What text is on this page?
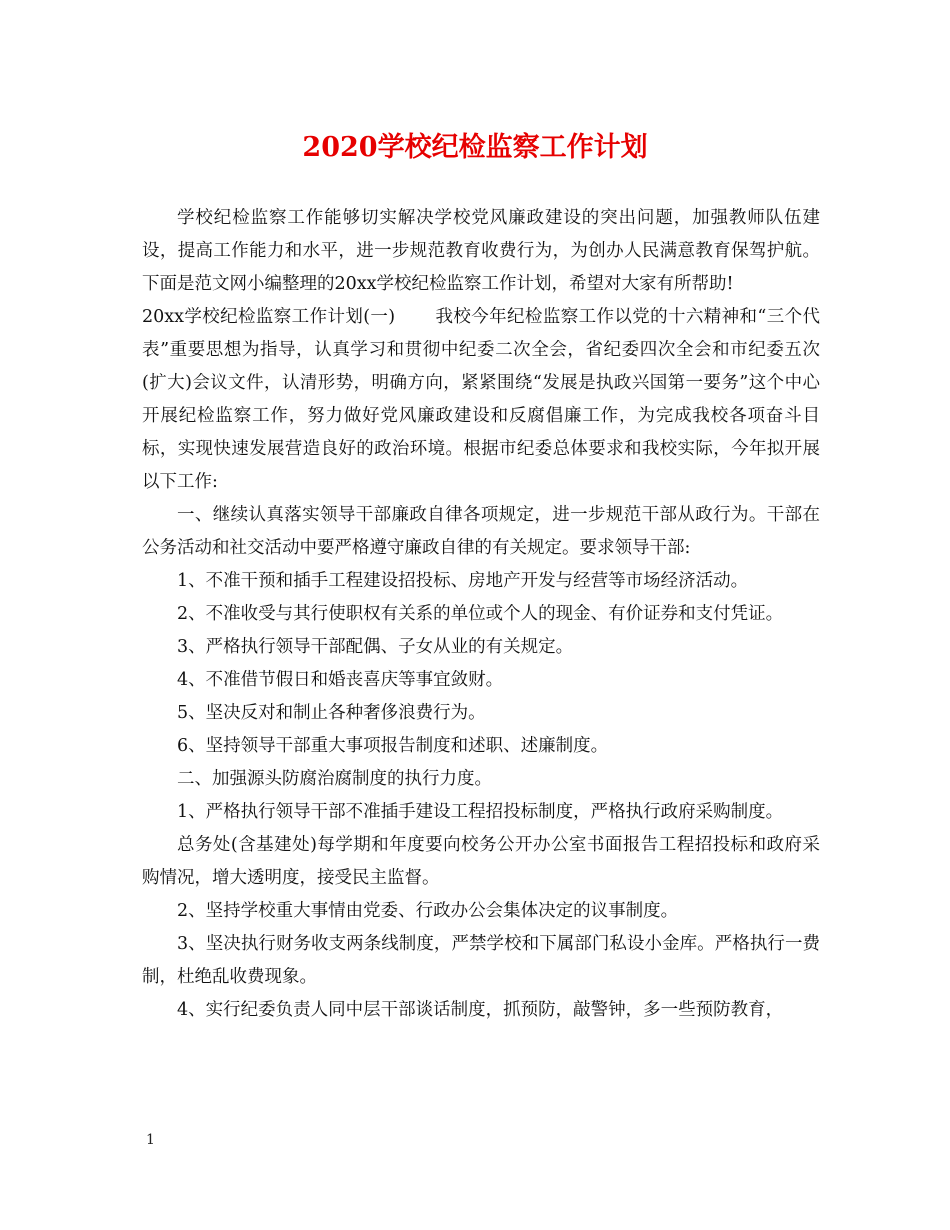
2020学校纪检监察工作计划

学校纪检监察工作能够切实解决学校党风廉政建设的突出问题，加强教师队伍建设，提高工作能力和水平，进一步规范教育收费行为，为创办人民满意教育保驾护航。下面是范文网小编整理的20xx学校纪检监察工作计划，希望对大家有所帮助!

20xx学校纪检监察工作计划(一) 我校今年纪检监察工作以党的十六精神和“三个代表”重要思想为指导，认真学习和贯彻中纪委二次全会，省纪委四次全会和市纪委五次(扩大)会议文件，认清形势，明确方向，紧紧围绕“发展是执政兴国第一要务”这个中心开展纪检监察工作，努力做好党风廉政建设和反腐倡廉工作，为完成我校各项奋斗目标，实现快速发展营造良好的政治环境。根据市纪委总体要求和我校实际，今年拟开展以下工作:

一、继续认真落实领导干部廉政自律各项规定，进一步规范干部从政行为。干部在公务活动和社交活动中要严格遵守廉政自律的有关规定。要求领导干部:

1、不准干预和插手工程建设招投标、房地产开发与经营等市场经济活动。

2、不准收受与其行使职权有关系的单位或个人的现金、有价证券和支付凭证。

3、严格执行领导干部配偶、子女从业的有关规定。

4、不准借节假日和婚丧喜庆等事宜敛财。

5、坚决反对和制止各种奢侈浪费行为。

6、坚持领导干部重大事项报告制度和述职、述廉制度。

二、加强源头防腐治腐制度的执行力度。

1、严格执行领导干部不准插手建设工程招投标制度，严格执行政府采购制度。

总务处(含基建处)每学期和年度要向校务公开办公室书面报告工程招投标和政府采购情况，增大透明度，接受民主监督。

2、坚持学校重大事情由党委、行政办公会集体决定的议事制度。

3、坚决执行财务收支两条线制度，严禁学校和下属部门私设小金库。严格执行一费制，杜绝乱收费现象。

4、实行纪委负责人同中层干部谈话制度，抓预防，敲警钟，多一些预防教育，

1
